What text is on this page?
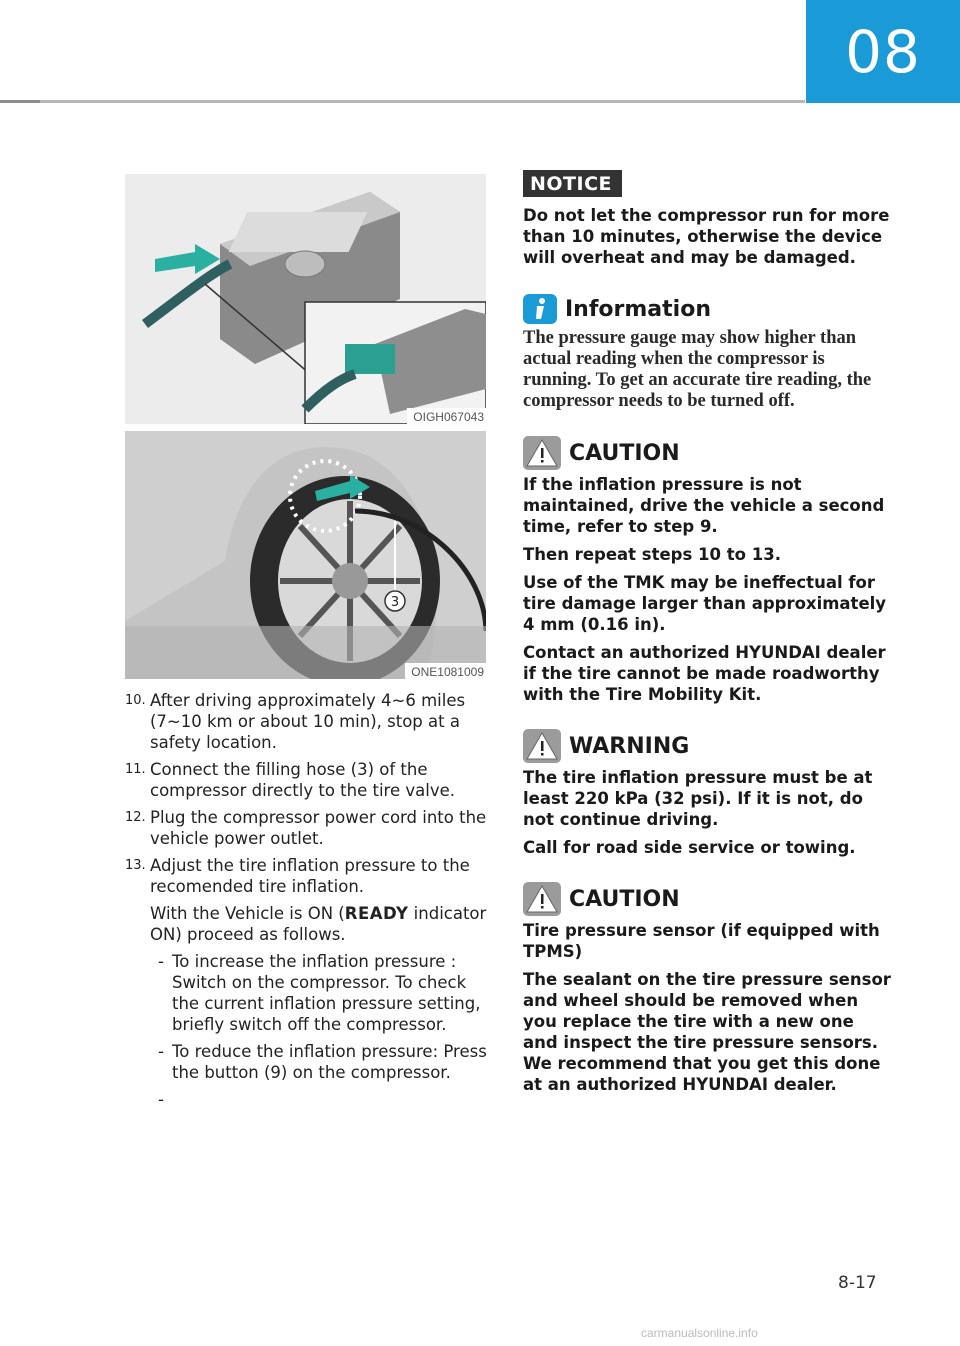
08
OIGH067043
3
ONE1081009
10. After driving approximately 4~6 miles (7~10 km or about 10 min), stop at a safety location.
11. Connect the filling hose (3) of the compressor directly to the tire valve.
12. Plug the compressor power cord into the vehicle power outlet.
13. Adjust the tire inflation pressure to the recomended tire inflation.
With the Vehicle is ON (READY indicator ON) proceed as follows.
- To increase the inflation pressure : Switch on the compressor. To check the current inflation pressure setting, briefly switch off the compressor.
- To reduce the inflation pressure: Press the button (9) on the compressor.
-
NOTICE

Do not let the compressor run for more than 10 minutes, otherwise the device will overheat and may be damaged.

Information
The pressure gauge may show higher than actual reading when the compressor is running. To get an accurate tire reading, the compressor needs to be turned off.
CAUTION

If the inflation pressure is not maintained, drive the vehicle a second time, refer to step 9.

Then repeat steps 10 to 13.

Use of the TMK may be ineffectual for tire damage larger than approximately 4 mm (0.16 in).

Contact an authorized HYUNDAI dealer if the tire cannot be made roadworthy with the Tire Mobility Kit.

WARNING

The tire inflation pressure must be at least 220 kPa (32 psi). If it is not, do not continue driving.

Call for road side service or towing.

CAUTION

Tire pressure sensor (if equipped with TPMS)

The sealant on the tire pressure sensor and wheel should be removed when you replace the tire with a new one and inspect the tire pressure sensors. We recommend that you get this done at an authorized HYUNDAI dealer.

8-17
carmanualsonline.info
